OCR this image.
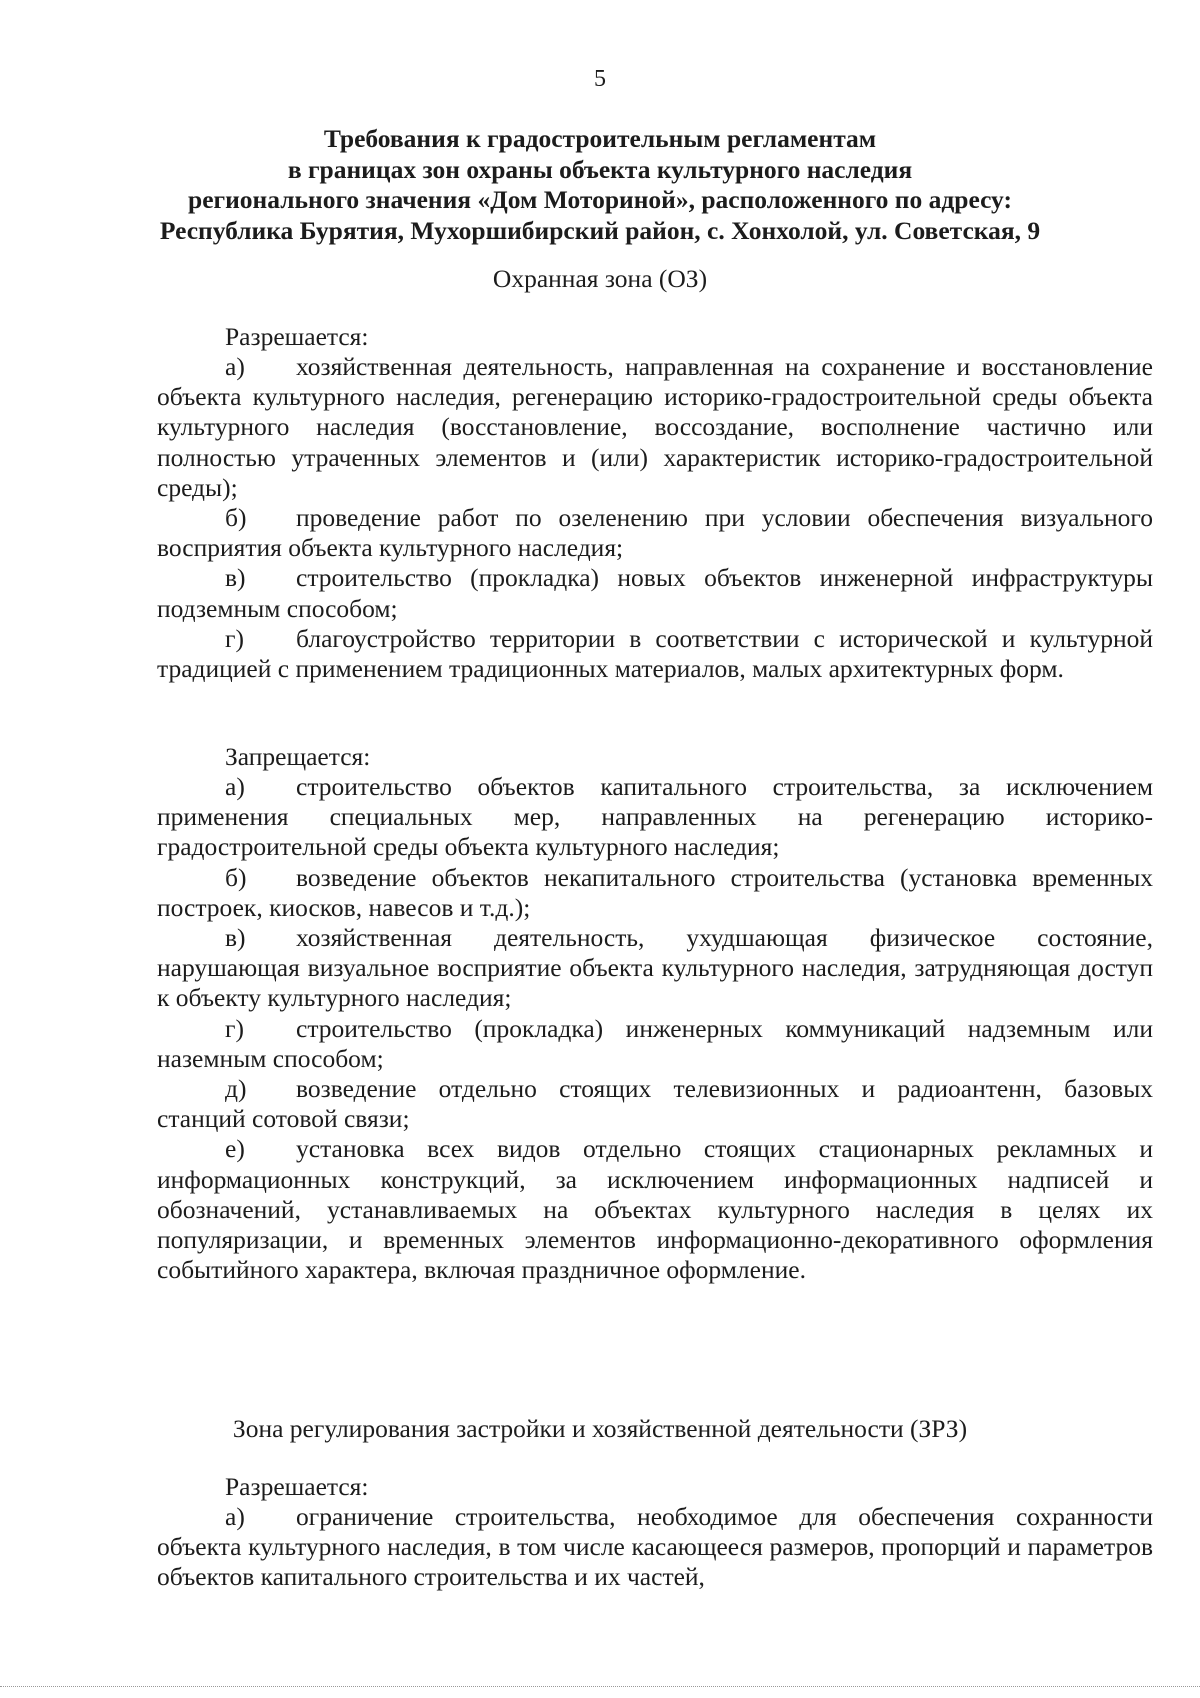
5
Требования к градостроительным регламентам
в границах зон охраны объекта культурного наследия
регионального значения «Дом Моториной», расположенного по адресу:
Республика Бурятия, Мухоршибирский район, с. Хонхолой, ул. Советская, 9
Охранная зона (ОЗ)
Разрешается:

а) хозяйственная деятельность, направленная на сохранение и восстановление объекта культурного наследия, регенерацию историко-градостроительной среды объекта культурного наследия (восстановление, воссоздание, восполнение частично или полностью утраченных элементов и (или) характеристик историко-градостроительной среды);

б) проведение работ по озеленению при условии обеспечения визуального восприятия объекта культурного наследия;

в) строительство (прокладка) новых объектов инженерной инфраструктуры подземным способом;

г) благоустройство территории в соответствии с исторической и культурной традицией с применением традиционных материалов, малых архитектурных форм.

Запрещается:

а) строительство объектов капитального строительства, за исключением применения специальных мер, направленных на регенерацию историко-градостроительной среды объекта культурного наследия;

б) возведение объектов некапитального строительства (установка временных построек, киосков, навесов и т.д.);

в) хозяйственная деятельность, ухудшающая физическое состояние, нарушающая визуальное восприятие объекта культурного наследия, затрудняющая доступ к объекту культурного наследия;

г) строительство (прокладка) инженерных коммуникаций надземным или наземным способом;

д) возведение отдельно стоящих телевизионных и радиоантенн, базовых станций сотовой связи;

е) установка всех видов отдельно стоящих стационарных рекламных и информационных конструкций, за исключением информационных надписей и обозначений, устанавливаемых на объектах культурного наследия в целях их популяризации, и временных элементов информационно-декоративного оформления событийного характера, включая праздничное оформление.

Зона регулирования застройки и хозяйственной деятельности (ЗРЗ)
Разрешается:

а) ограничение строительства, необходимое для обеспечения сохранности объекта культурного наследия, в том числе касающееся размеров, пропорций и параметров объектов капитального строительства и их частей,
